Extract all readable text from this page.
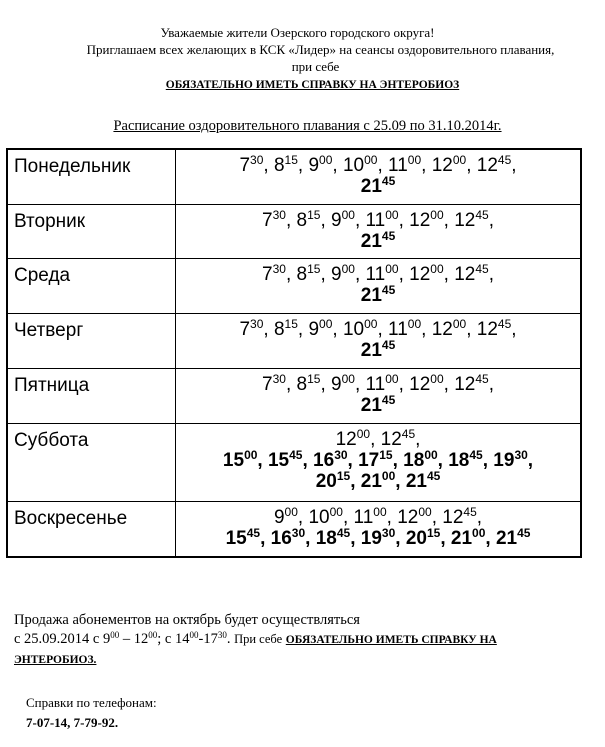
Уважаемые жители Озерского городского округа!
Приглашаем всех желающих в КСК «Лидер» на сеансы оздоровительного плавания,
при себе
ОБЯЗАТЕЛЬНО ИМЕТЬ СПРАВКУ НА ЭНТЕРОБИОЗ
Расписание оздоровительного плавания с 25.09 по 31.10.2014г.
Понедельник	$7^{30}$, $8^{15}$, $9^{00}$, $10^{00}$, $11^{00}$, $12^{00}$, $12^{45}$,
$21^{45}$

Вторник	$7^{30}$, $8^{15}$, $9^{00}$, $11^{00}$, $12^{00}$, $12^{45}$,
$21^{45}$

Среда	$7^{30}$, $8^{15}$, $9^{00}$, $11^{00}$, $12^{00}$, $12^{45}$,
$21^{45}$

Четверг	$7^{30}$, $8^{15}$, $9^{00}$, $10^{00}$, $11^{00}$, $12^{00}$, $12^{45}$,
$21^{45}$

Пятница	$7^{30}$, $8^{15}$, $9^{00}$, $11^{00}$, $12^{00}$, $12^{45}$,
$21^{45}$

Суббота	$12^{00}$, $12^{45}$,
$15^{00}$, $15^{45}$, $16^{30}$, $17^{15}$, $18^{00}$, $18^{45}$, $19^{30}$,
$20^{15}$, $21^{00}$, $21^{45}$

Воскресенье	$9^{00}$, $10^{00}$, $11^{00}$, $12^{00}$, $12^{45}$,
$15^{45}$, $16^{30}$, $18^{45}$, $19^{30}$, $20^{15}$, $21^{00}$, $21^{45}$
Продажа абонементов на октябрь будет осуществляться
с 25.09.2014 с $9^{00} - 12^{00}$; с $14^{00}-17^{30}$. При себе ОБЯЗАТЕЛЬНО ИМЕТЬ СПРАВКУ НА
ЭНТЕРОБИОЗ.
Справки по телефонам:
7-07-14, 7-79-92.
